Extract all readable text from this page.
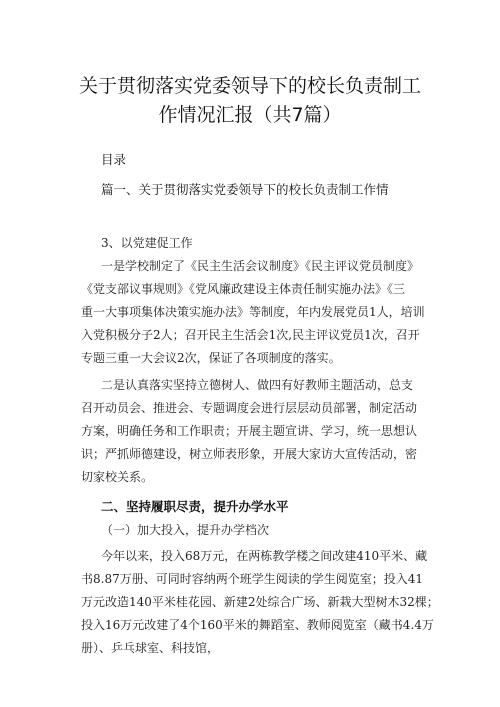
关于贯彻落实党委领导下的校长负责制工
作情况汇报（共7篇）
目录
篇一、关于贯彻落实党委领导下的校长负责制工作情
3、以党建促工作
一是学校制定了《民主生活会议制度》《民主评议党员制度》
《党支部议事规则》《党风廉政建设主体责任制实施办法》《三
重一大事项集体决策实施办法》等制度，年内发展党员1人，培训
入党积极分子2人；召开民主生活会1次,民主评议党员1次，召开
专题三重一大会议2次，保证了各项制度的落实。
二是认真落实坚持立德树人、做四有好教师主题活动，总支
召开动员会、推进会、专题调度会进行层层动员部署，制定活动
方案，明确任务和工作职责；开展主题宣讲、学习，统一思想认
识；严抓师德建设，树立师表形象，开展大家访大宣传活动，密
切家校关系。
二、坚持履职尽责，提升办学水平
（一）加大投入，提升办学档次
今年以来，投入68万元，在两栋教学楼之间改建410平米、藏
书8.87万册、可同时容纳两个班学生阅读的学生阅览室；投入41
万元改造140平米桂花园、新建2处综合广场、新栽大型树木32棵；
投入16万元改建了4个160平米的舞蹈室、教师阅览室（藏书4.4万
册）、乒乓球室、科技馆，
